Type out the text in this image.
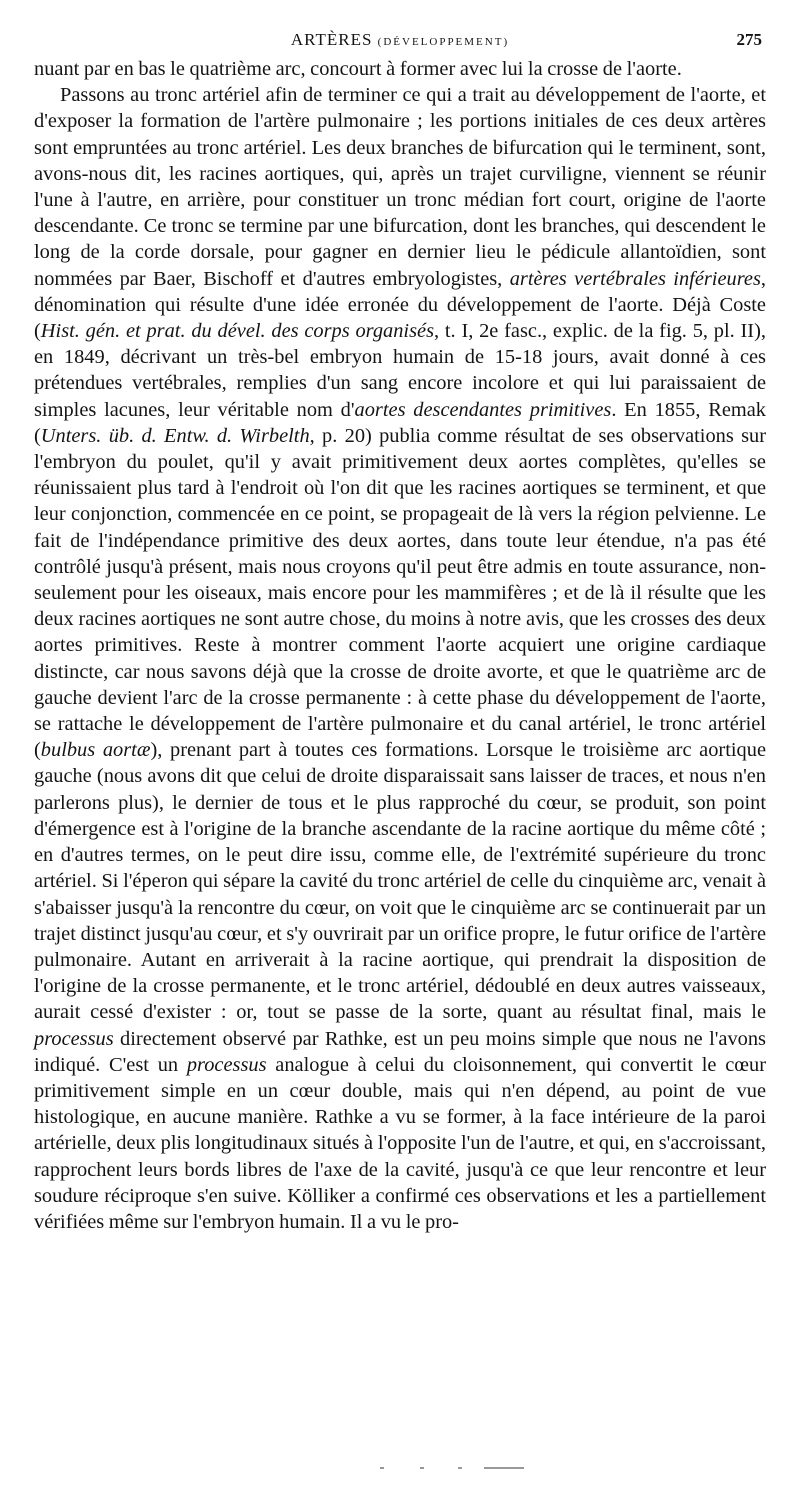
ARTÈRES (DÉVELOPPEMENT)	275

nuant par en bas le quatrième arc, concourt à former avec lui la crosse de l'aorte.

Passons au tronc artériel afin de terminer ce qui a trait au développement de l'aorte, et d'exposer la formation de l'artère pulmonaire ; les portions initiales de ces deux artères sont empruntées au tronc artériel. Les deux branches de bifurcation qui le terminent, sont, avons-nous dit, les racines aortiques, qui, après un trajet curviligne, viennent se réunir l'une à l'autre, en arrière, pour constituer un tronc médian fort court, origine de l'aorte descendante. Ce tronc se termine par une bifurcation, dont les branches, qui descendent le long de la corde dorsale, pour gagner en dernier lieu le pédicule allantoïdien, sont nommées par Baer, Bischoff et d'autres embryologistes, artères vertébrales inférieures, dénomination qui résulte d'une idée erronée du développement de l'aorte. Déjà Coste (Hist. gén. et prat. du dével. des corps organisés, t. I, 2e fasc., explic. de la fig. 5, pl. II), en 1849, décrivant un très-bel embryon humain de 15-18 jours, avait donné à ces prétendues vertébrales, remplies d'un sang encore incolore et qui lui paraissaient de simples lacunes, leur véritable nom d'aortes descendantes primitives. En 1855, Remak (Unters. üb. d. Entw. d. Wirbelth, p. 20) publia comme résultat de ses observations sur l'embryon du poulet, qu'il y avait primitivement deux aortes complètes, qu'elles se réunissaient plus tard à l'endroit où l'on dit que les racines aortiques se terminent, et que leur conjonction, commencée en ce point, se propageait de là vers la région pelvienne. Le fait de l'indépendance primitive des deux aortes, dans toute leur étendue, n'a pas été contrôlé jusqu'à présent, mais nous croyons qu'il peut être admis en toute assurance, non-seulement pour les oiseaux, mais encore pour les mammifères ; et de là il résulte que les deux racines aortiques ne sont autre chose, du moins à notre avis, que les crosses des deux aortes primitives. Reste à montrer comment l'aorte acquiert une origine cardiaque distincte, car nous savons déjà que la crosse de droite avorte, et que le quatrième arc de gauche devient l'arc de la crosse permanente : à cette phase du développement de l'aorte, se rattache le développement de l'artère pulmonaire et du canal artériel, le tronc artériel (bulbus aortæ), prenant part à toutes ces formations. Lorsque le troisième arc aortique gauche (nous avons dit que celui de droite disparaissait sans laisser de traces, et nous n'en parlerons plus), le dernier de tous et le plus rapproché du cœur, se produit, son point d'émergence est à l'origine de la branche ascendante de la racine aortique du même côté ; en d'autres termes, on le peut dire issu, comme elle, de l'extrémité supérieure du tronc artériel. Si l'éperon qui sépare la cavité du tronc artériel de celle du cinquième arc, venait à s'abaisser jusqu'à la rencontre du cœur, on voit que le cinquième arc se continuerait par un trajet distinct jusqu'au cœur, et s'y ouvrirait par un orifice propre, le futur orifice de l'artère pulmonaire. Autant en arriverait à la racine aortique, qui prendrait la disposition de l'origine de la crosse permanente, et le tronc artériel, dédoublé en deux autres vaisseaux, aurait cessé d'exister : or, tout se passe de la sorte, quant au résultat final, mais le processus directement observé par Rathke, est un peu moins simple que nous ne l'avons indiqué. C'est un processus analogue à celui du cloisonnement, qui convertit le cœur primitivement simple en un cœur double, mais qui n'en dépend, au point de vue histologique, en aucune manière. Rathke a vu se former, à la face intérieure de la paroi artérielle, deux plis longitudinaux situés à l'opposite l'un de l'autre, et qui, en s'accroissant, rapprochent leurs bords libres de l'axe de la cavité, jusqu'à ce que leur rencontre et leur soudure réciproque s'en suive. Kölliker a confirmé ces observations et les a partiellement vérifiées même sur l'embryon humain. Il a vu le pro-
